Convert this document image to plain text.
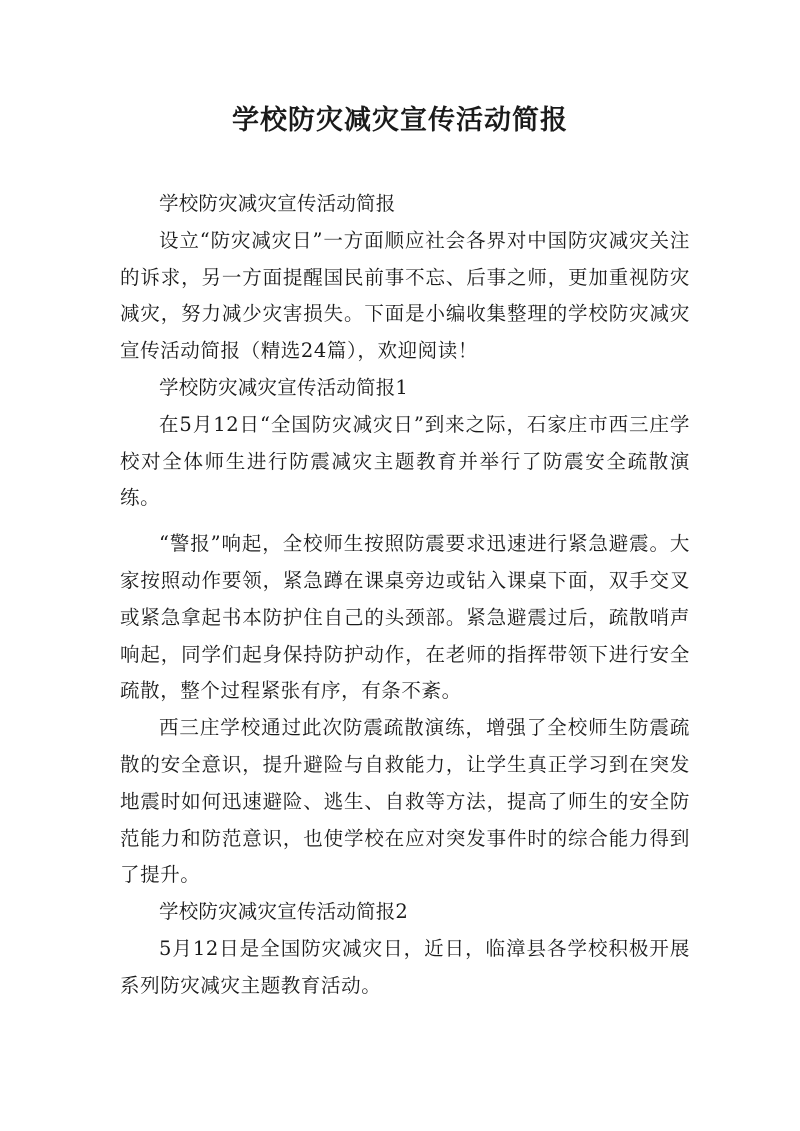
学校防灾减灾宣传活动简报

学校防灾减灾宣传活动简报

设立“防灾减灾日”一方面顺应社会各界对中国防灾减灾关注的诉求，另一方面提醒国民前事不忘、后事之师，更加重视防灾减灾，努力减少灾害损失。下面是小编收集整理的学校防灾减灾宣传活动简报（精选24篇），欢迎阅读！

学校防灾减灾宣传活动简报1

在5月12日“全国防灾减灾日”到来之际，石家庄市西三庄学校对全体师生进行防震减灾主题教育并举行了防震安全疏散演练。

“警报”响起，全校师生按照防震要求迅速进行紧急避震。大家按照动作要领，紧急蹲在课桌旁边或钻入课桌下面，双手交叉或紧急拿起书本防护住自己的头颈部。紧急避震过后，疏散哨声响起，同学们起身保持防护动作，在老师的指挥带领下进行安全疏散，整个过程紧张有序，有条不紊。

西三庄学校通过此次防震疏散演练，增强了全校师生防震疏散的安全意识，提升避险与自救能力，让学生真正学习到在突发地震时如何迅速避险、逃生、自救等方法，提高了师生的安全防范能力和防范意识，也使学校在应对突发事件时的综合能力得到了提升。

学校防灾减灾宣传活动简报2

5月12日是全国防灾减灾日，近日，临漳县各学校积极开展系列防灾减灾主题教育活动。
